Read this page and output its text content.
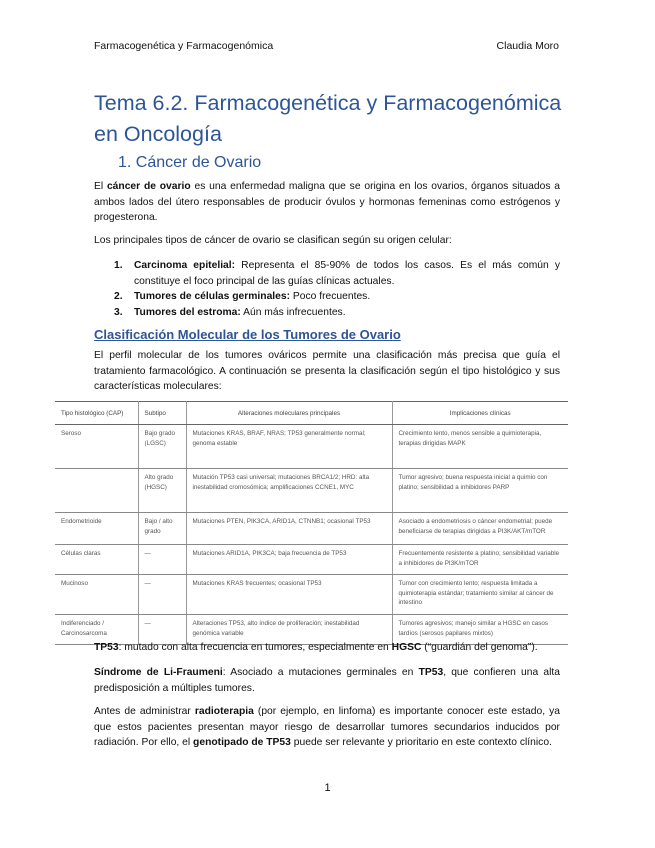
Farmacogenética y Farmacogenómica	Claudia Moro
Tema 6.2. Farmacogenética y Farmacogenómica en Oncología
1. Cáncer de Ovario

El cáncer de ovario es una enfermedad maligna que se origina en los ovarios, órganos situados a ambos lados del útero responsables de producir óvulos y hormonas femeninas como estrógenos y progesterona.

Los principales tipos de cáncer de ovario se clasifican según su origen celular:

1. Carcinoma epitelial: Representa el 85-90% de todos los casos. Es el más común y constituye el foco principal de las guías clínicas actuales.
2. Tumores de células germinales: Poco frecuentes.
3. Tumores del estroma: Aún más infrecuentes.
Clasificación Molecular de los Tumores de Ovario

El perfil molecular de los tumores ováricos permite una clasificación más precisa que guía el tratamiento farmacológico. A continuación se presenta la clasificación según el tipo histológico y sus características moleculares:

Tipo histológico (CAP)	Subtipo	Alteraciones moleculares principales	Implicaciones clínicas
Seroso	Bajo grado (LGSC)	Mutaciones KRAS, BRAF, NRAS; TP53 generalmente normal; genoma estable	Crecimiento lento, menos sensible a quimioterapia, terapias dirigidas MAPK
	Alto grado (HGSC)	Mutación TP53 casi universal; mutaciones BRCA1/2; HRD: alta inestabilidad cromosómica; amplificaciones CCNE1, MYC	Tumor agresivo; buena respuesta inicial a quimio con platino; sensibilidad a inhibidores PARP
Endometrioide	Bajo / alto grado	Mutaciones PTEN, PIK3CA, ARID1A, CTNNB1; ocasional TP53	Asociado a endometriosis o cáncer endometrial; puede beneficiarse de terapias dirigidas a PI3K/AKT/mTOR
Células claras	—	Mutaciones ARID1A, PIK3CA; baja frecuencia de TP53	Frecuentemente resistente a platino; sensibilidad variable a inhibidores de PI3K/mTOR
Mucinoso	—	Mutaciones KRAS frecuentes; ocasional TP53	Tumor con crecimiento lento; respuesta limitada a quimioterapia estándar; tratamiento similar al cáncer de intestino
Indiferenciado / Carcinosarcoma	—	Alteraciones TP53, alto índice de proliferación; inestabilidad genómica variable	Tumores agresivos; manejo similar a HGSC en casos tardíos (serosos papilares mixtos)

TP53: mutado con alta frecuencia en tumores, especialmente en HGSC (“guardián del genoma”).

Síndrome de Li-Fraumeni: Asociado a mutaciones germinales en TP53, que confieren una alta predisposición a múltiples tumores.

Antes de administrar radioterapia (por ejemplo, en linfoma) es importante conocer este estado, ya que estos pacientes presentan mayor riesgo de desarrollar tumores secundarios inducidos por radiación. Por ello, el genotipado de TP53 puede ser relevante y prioritario en este contexto clínico.

1
